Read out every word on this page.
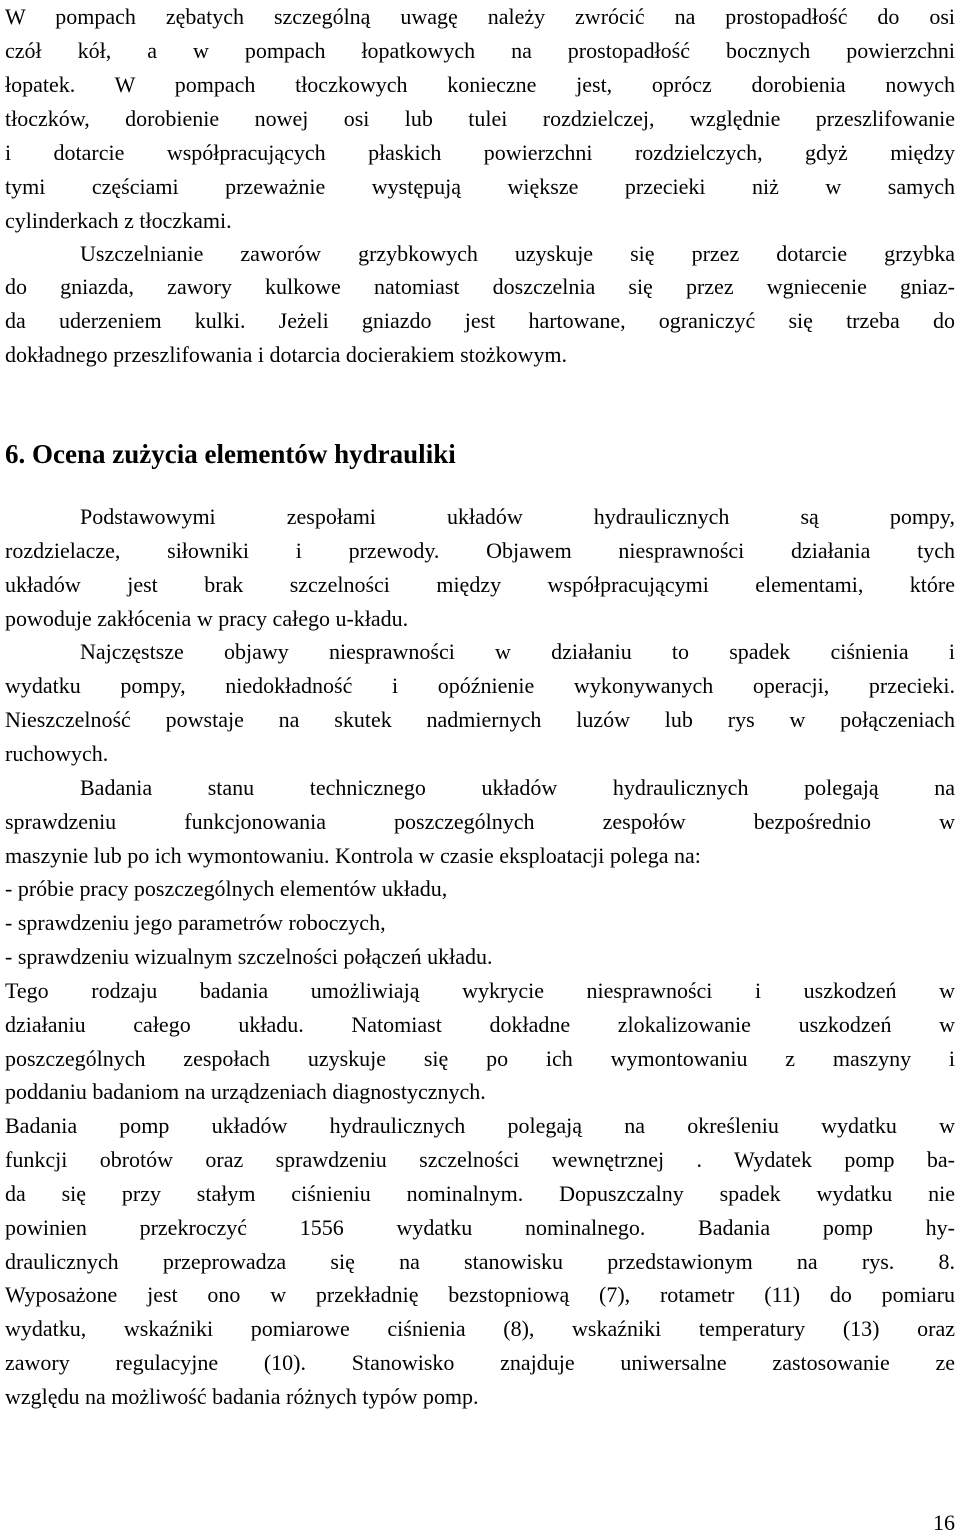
W pompach zębatych szczególną uwagę należy zwrócić na prostopadłość do osi
czół kół, a w pompach łopatkowych na prostopadłość bocznych powierzchni
łopatek. W pompach tłoczkowych konieczne jest, oprócz dorobienia nowych
tłoczków, dorobienie nowej osi lub tulei rozdzielczej, względnie przeszlifowanie
i dotarcie współpracujących płaskich powierzchni rozdzielczych, gdyż między
tymi częściami przeważnie występują większe przecieki niż w samych
cylinderkach z tłoczkami.
Uszczelnianie zaworów grzybkowych uzyskuje się przez dotarcie grzybka
do gniazda, zawory kulkowe natomiast doszczelnia się przez wgniecenie gniaz-
da uderzeniem kulki. Jeżeli gniazdo jest hartowane, ograniczyć się trzeba do
dokładnego przeszlifowania i dotarcia docierakiem stożkowym.
6. Ocena zużycia elementów hydrauliki
Podstawowymi zespołami układów hydraulicznych są pompy,
rozdzielacze, siłowniki i przewody. Objawem niesprawności działania tych
układów jest brak szczelności między współpracującymi elementami, które
powoduje zakłócenia w pracy całego u-kładu.
Najczęstsze objawy niesprawności w działaniu to spadek ciśnienia i
wydatku pompy, niedokładność i opóźnienie wykonywanych operacji, przecieki.
Nieszczelność powstaje na skutek nadmiernych luzów lub rys w połączeniach
ruchowych.
Badania stanu technicznego układów hydraulicznych polegają na
sprawdzeniu funkcjonowania poszczególnych zespołów bezpośrednio w
maszynie lub po ich wymontowaniu. Kontrola w czasie eksploatacji polega na:
- próbie pracy poszczególnych elementów układu,
- sprawdzeniu jego parametrów roboczych,
- sprawdzeniu wizualnym szczelności połączeń układu.
Tego rodzaju badania umożliwiają wykrycie niesprawności i uszkodzeń w
działaniu całego układu. Natomiast dokładne zlokalizowanie uszkodzeń w
poszczególnych zespołach uzyskuje się po ich wymontowaniu z maszyny i
poddaniu badaniom na urządzeniach diagnostycznych.
Badania pomp układów hydraulicznych polegają na określeniu wydatku w
funkcji obrotów oraz sprawdzeniu szczelności wewnętrznej . Wydatek pomp ba-
da się przy stałym ciśnieniu nominalnym. Dopuszczalny spadek wydatku nie
powinien przekroczyć 1556 wydatku nominalnego. Badania pomp hy-
draulicznych przeprowadza się na stanowisku przedstawionym na rys. 8.
Wyposażone jest ono w przekładnię bezstopniową (7), rotametr (11) do pomiaru
wydatku, wskaźniki pomiarowe ciśnienia (8), wskaźniki temperatury (13) oraz
zawory regulacyjne (10). Stanowisko znajduje uniwersalne zastosowanie ze
względu na możliwość badania różnych typów pomp.
16
